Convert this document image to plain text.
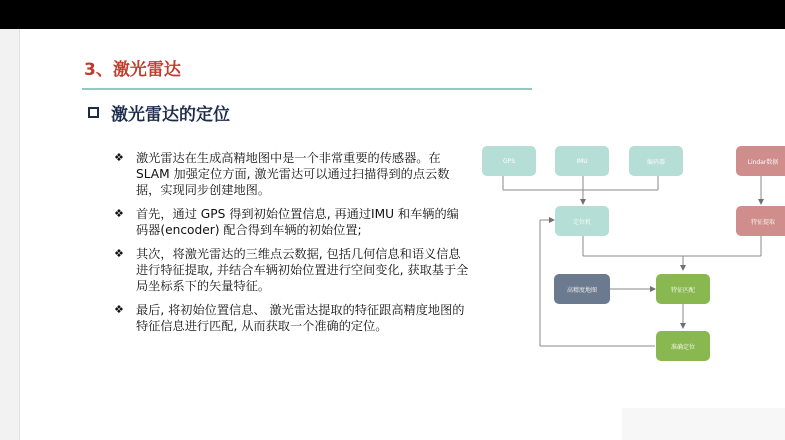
3、激光雷达
激光雷达的定位
❖ 激光雷达在生成高精地图中是一个非常重要的传感器。在 SLAM 加强定位方面, 激光雷达可以通过扫描得到的点云数据，实现同步创建地图。
❖ 首先，通过 GPS 得到初始位置信息, 再通过IMU 和车辆的编码器(encoder) 配合得到车辆的初始位置;
❖ 其次，将激光雷达的三维点云数据, 包括几何信息和语义信息进行特征提取, 并结合车辆初始位置进行空间变化, 获取基于全局坐标系下的矢量特征。
❖ 最后, 将初始位置信息、 激光雷达提取的特征跟高精度地图的特征信息进行匹配, 从而获取一个准确的定位。
GPS	IMU	编码器	Lindar数据
定位机	特征提取
高精度地图	特征匹配
准确定位
